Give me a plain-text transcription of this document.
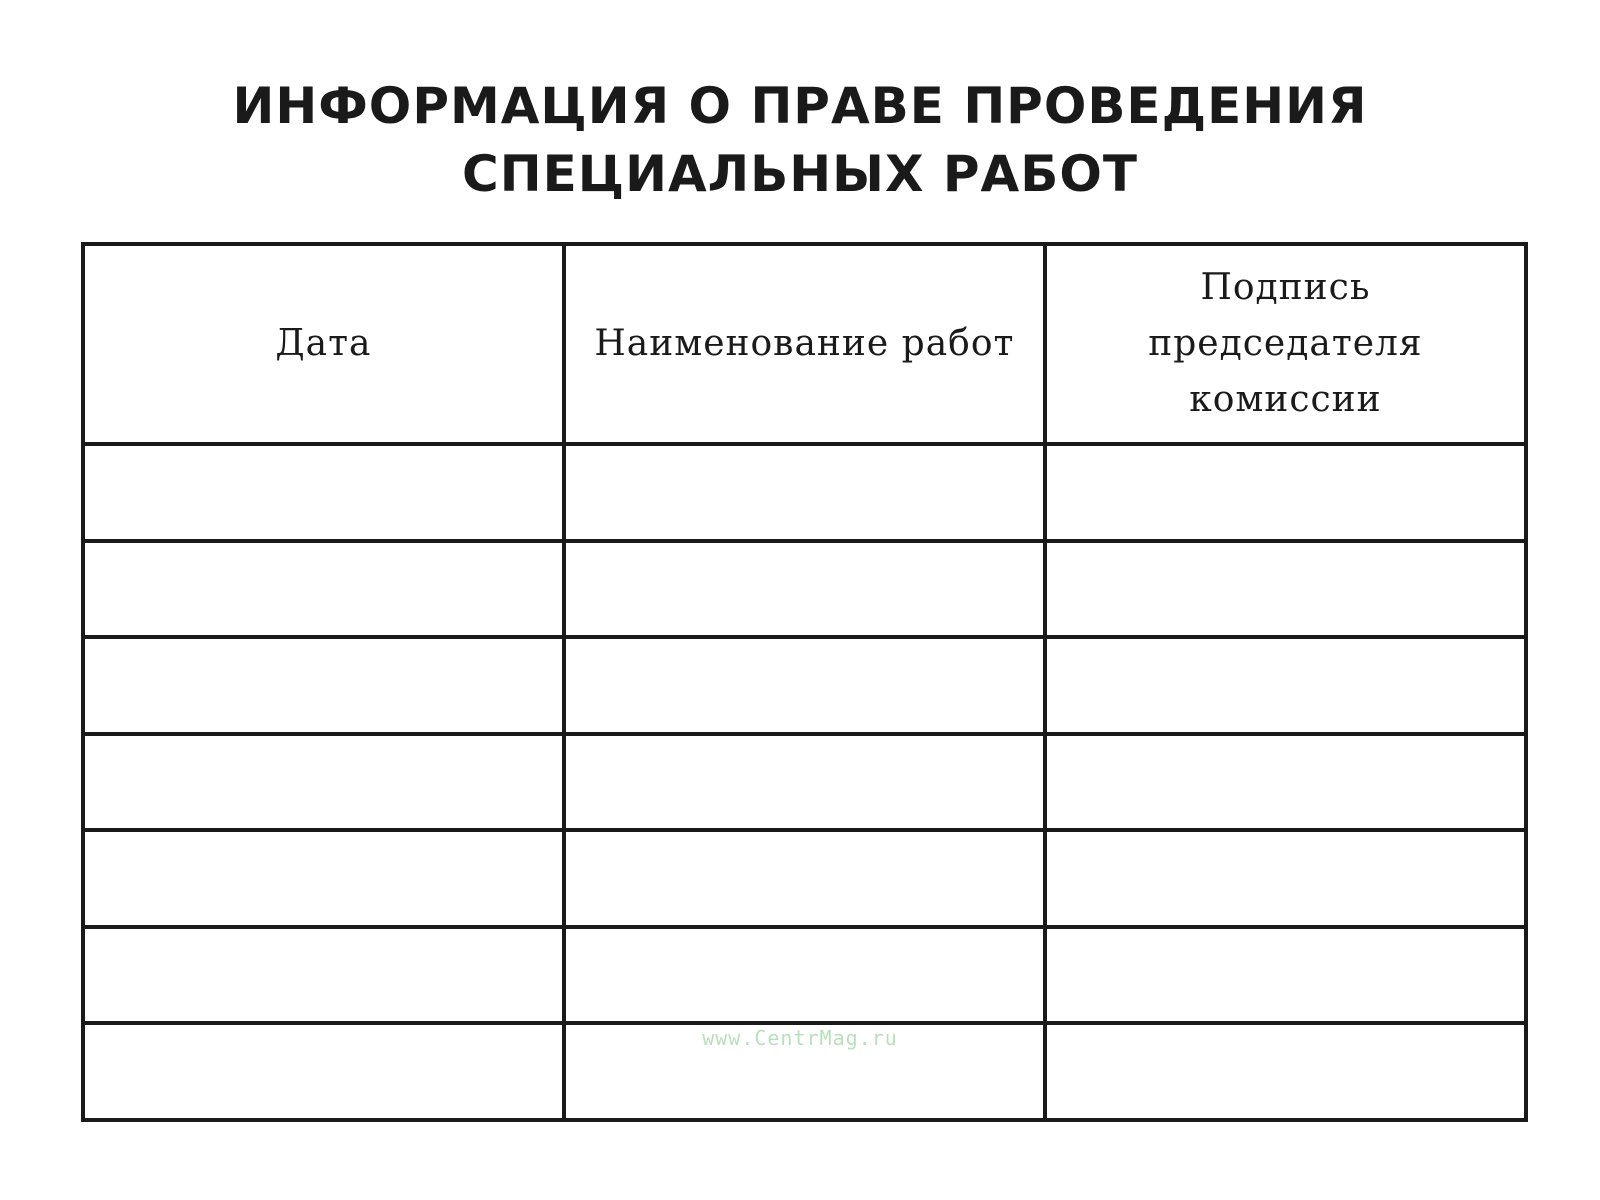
ИНФОРМАЦИЯ О ПРАВЕ ПРОВЕДЕНИЯ
СПЕЦИАЛЬНЫХ РАБОТ
Дата	Наименование работ	Подпись
председателя
комиссии

www.CentrMag.ru
